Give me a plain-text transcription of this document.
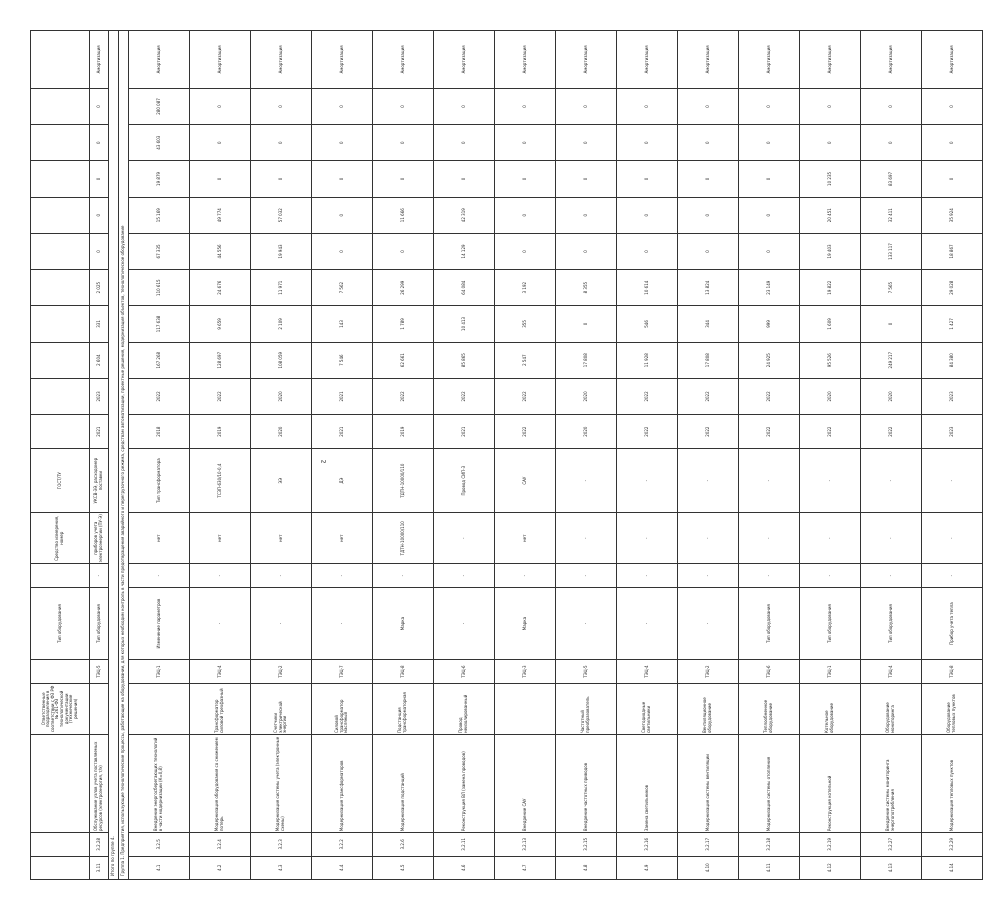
2
			Ответственные подразделения в соответствии с ФЗ РФ № 261-ФЗ технологической документации (технические решения)		Тип оборудования		Средство измерения, номер	ГОСТ/ТУ											
3.11	3.2.28	Обслуживание узлов учета поставляемых ресурсов (электроэнергия, т/э)		ТЭЦ-5	Тип оборудования	-	приборов учета электроэнергии (ПУ-Э)	УКСВ-ЭЭ, расходомер поставки	2021	2023	2 604	331	2 025	0	0	0	0	0	Амортизация
Итого по группе 4.																			
Группа 1. Предприятия, использующие технологические процессы, работающие на оборудовании, для которых необходим контроль в части предотвращения аварийного и перегрузочного режима, средствам автоматизации, проектные решения, модернизация объектов, технологическое оборудование																			
4.1	3.2.5	Внедрение энергосберегающих технологий в части модернизации (К=0,8)		ТЭЦ-1	Изменение параметров	-	нет	Тип трансформатора	2018	2022	167 268	117 638	110 615	67 335	15 169	19 879	43 603	280 087	Амортизация
4.2	3.2.4	Модернизация оборудования со снижением потерь	Трансформатор силовой трехфазный	ТЭЦ-4	-	-	нет	ТСЗП-630/10-0,4	2019	2022	128 697	9 659	24 676	44 556	49 774	0	0	0	Амортизация
4.3	3.2.3	Модернизация системы учета (электронные схемы)	Счетчики электрической энергии	ТЭЦ-2	-	-	нет	ЭЭ	2020	2020	108 059	2 109	11 971	19 943	57 032	0	0	0	Амортизация
4.4	3.2.2	Модернизация трансформаторов	Силовой трансформатор масляный	ТЭЦ-7	-	-	нет	ДЭ	2021	2021	7 546	143	7 562	0	0	0	0	0	Амортизация
4.5	3.2.6	Модернизация подстанций	Подстанция трансформаторная	ТЭЦ-8	Марка	-	ТДТН-10000/110	ТДТН-10000/110	2019	2022	62 661	1 789	26 299	0	11 666	0	0	0	Амортизация
4.6	3.2.11	Реконструкция ВЛ (замена проводов)	Провод неизолированный	ТЭЦ-6	-	-	-	Провод СИП-3	2021	2022	85 865	10 413	64 084	14 129	42 319	0	0	0	Амортизация
4.7	3.2.13	Внедрение САУ		ТЭЦ-3	Марка	-	нет	САУ	2022	2022	2 547	355	3 192	0	0	0	0	0	Амортизация
4.8	3.2.15	Внедрение частотных приводов	Частотный преобразователь	ТЭЦ-5	-	-	-	-	2020	2020	17 808	0	8 355	0	0	0	0	0	Амортизация
4.9	3.2.16	Замена светильников	Светодиодные светильники	ТЭЦ-4	-	-	-	-	2022	2022	11 928	546	10 614	0	0	0	0	0	Амортизация
4.10	3.2.17	Модернизация системы вентиляции	Вентиляционное оборудование	ТЭЦ-2	-	-	-	-	2022	2022	17 808	344	13 824	0	0	0	0	0	Амортизация
4.11	3.2.18	Модернизация системы отопления	Теплообменное оборудование	ТЭЦ-6	Тип оборудования	-	-	-	2022	2022	24 925	999	23 149	0	0	0	0	0	Амортизация
4.12	3.2.19	Реконструкция котельной	Котельное оборудование	ТЭЦ-1	Тип оборудования	-	-	-	2022	2020	95 526	1 609	19 822	19 403	20 451	10 235	0	0	Амортизация
4.13	3.2.27	Внедрение системы мониторинга энергопотребления	Оборудование мониторинга	ТЭЦ-4	Тип оборудования	-	-	-	2022	2020	249 217	0	7 565	133 117	32 411	83 697	0	0	Амортизация
4.14	3.2.29	Модернизация тепловых пунктов	Оборудование тепловых пунктов	ТЭЦ-8	Прибор учета тепла	-	-	-	2023	2023	84 380	1 427	29 028	18 867	35 924	0	0	0	Амортизация
